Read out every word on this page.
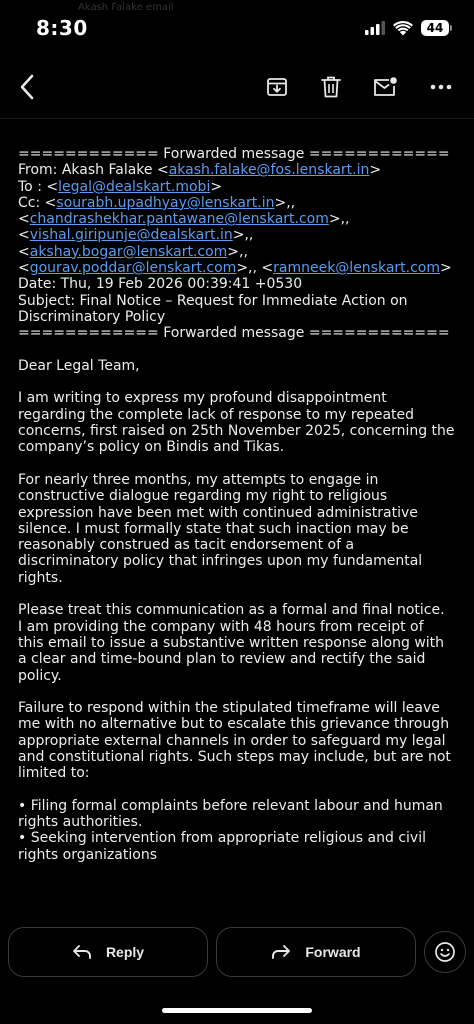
Akash Falake email
8:30	44
============ Forwarded message ============
From: Akash Falake <akash.falake@fos.lenskart.in>
To : <legal@dealskart.mobi>
Cc: <sourabh.upadhyay@lenskart.in>,,
<chandrashekhar.pantawane@lenskart.com>,,
<vishal.giripunje@dealskart.in>,,
<akshay.bogar@lenskart.com>,,
<gourav.poddar@lenskart.com>,, <ramneek@lenskart.com>
Date: Thu, 19 Feb 2026 00:39:41 +0530
Subject: Final Notice – Request for Immediate Action on
Discriminatory Policy
============ Forwarded message ============

Dear Legal Team,

I am writing to express my profound disappointment
regarding the complete lack of response to my repeated
concerns, first raised on 25th November 2025, concerning the
company’s policy on Bindis and Tikas.
For nearly three months, my attempts to engage in
constructive dialogue regarding my right to religious
expression have been met with continued administrative
silence. I must formally state that such inaction may be
reasonably construed as tacit endorsement of a
discriminatory policy that infringes upon my fundamental
rights.
Please treat this communication as a formal and final notice.
I am providing the company with 48 hours from receipt of
this email to issue a substantive written response along with
a clear and time-bound plan to review and rectify the said
policy.
Failure to respond within the stipulated timeframe will leave
me with no alternative but to escalate this grievance through
appropriate external channels in order to safeguard my legal
and constitutional rights. Such steps may include, but are not
limited to:
• Filing formal complaints before relevant labour and human
rights authorities.
• Seeking intervention from appropriate religious and civil
rights organizations
Reply	Forward
